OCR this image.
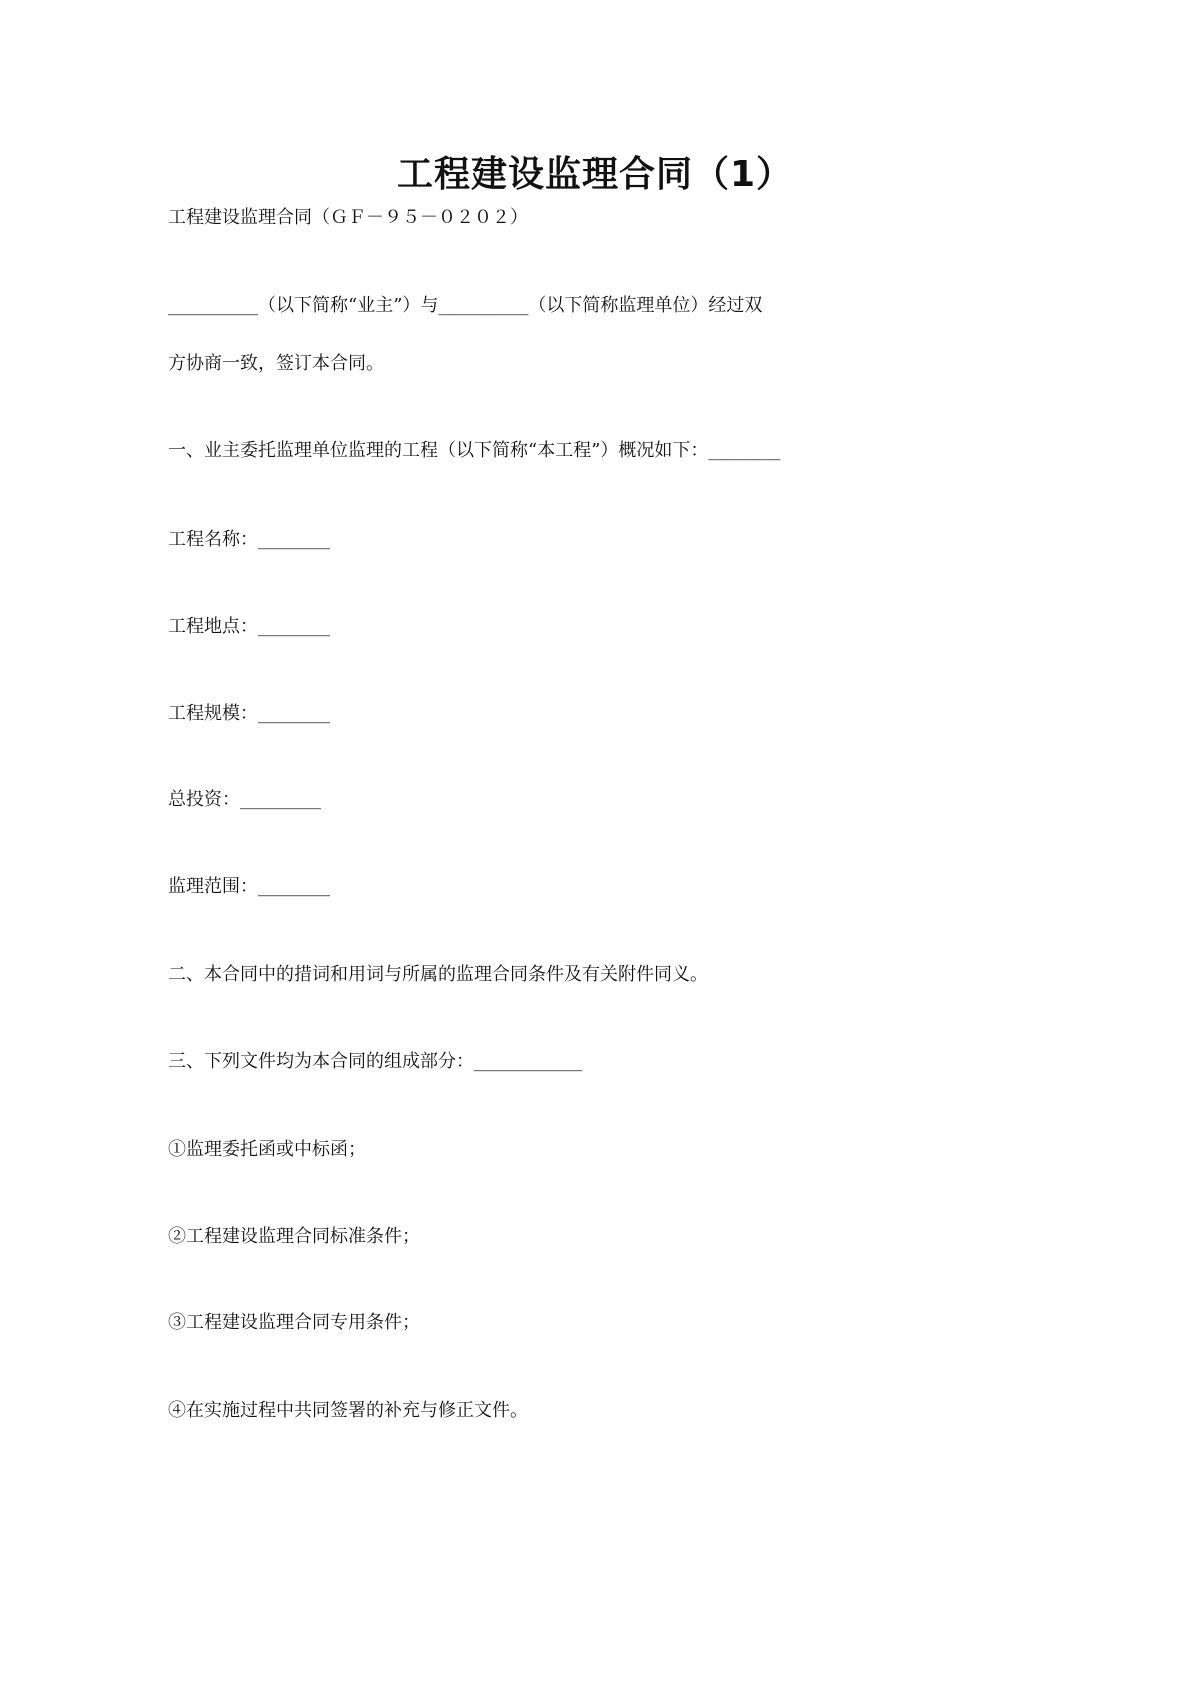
工程建设监理合同（1）
工程建设监理合同（ＧＦ－９５－０２０２）
__________（以下简称“业主”）与__________（以下简称监理单位）经过双
方协商一致，签订本合同。
一、业主委托监理单位监理的工程（以下简称“本工程”）概况如下：________
工程名称：________
工程地点：________
工程规模：________
总投资：_________
监理范围：________
二、本合同中的措词和用词与所属的监理合同条件及有关附件同义。
三、下列文件均为本合同的组成部分：____________
①监理委托函或中标函；
②工程建设监理合同标准条件；
③工程建设监理合同专用条件；
④在实施过程中共同签署的补充与修正文件。
